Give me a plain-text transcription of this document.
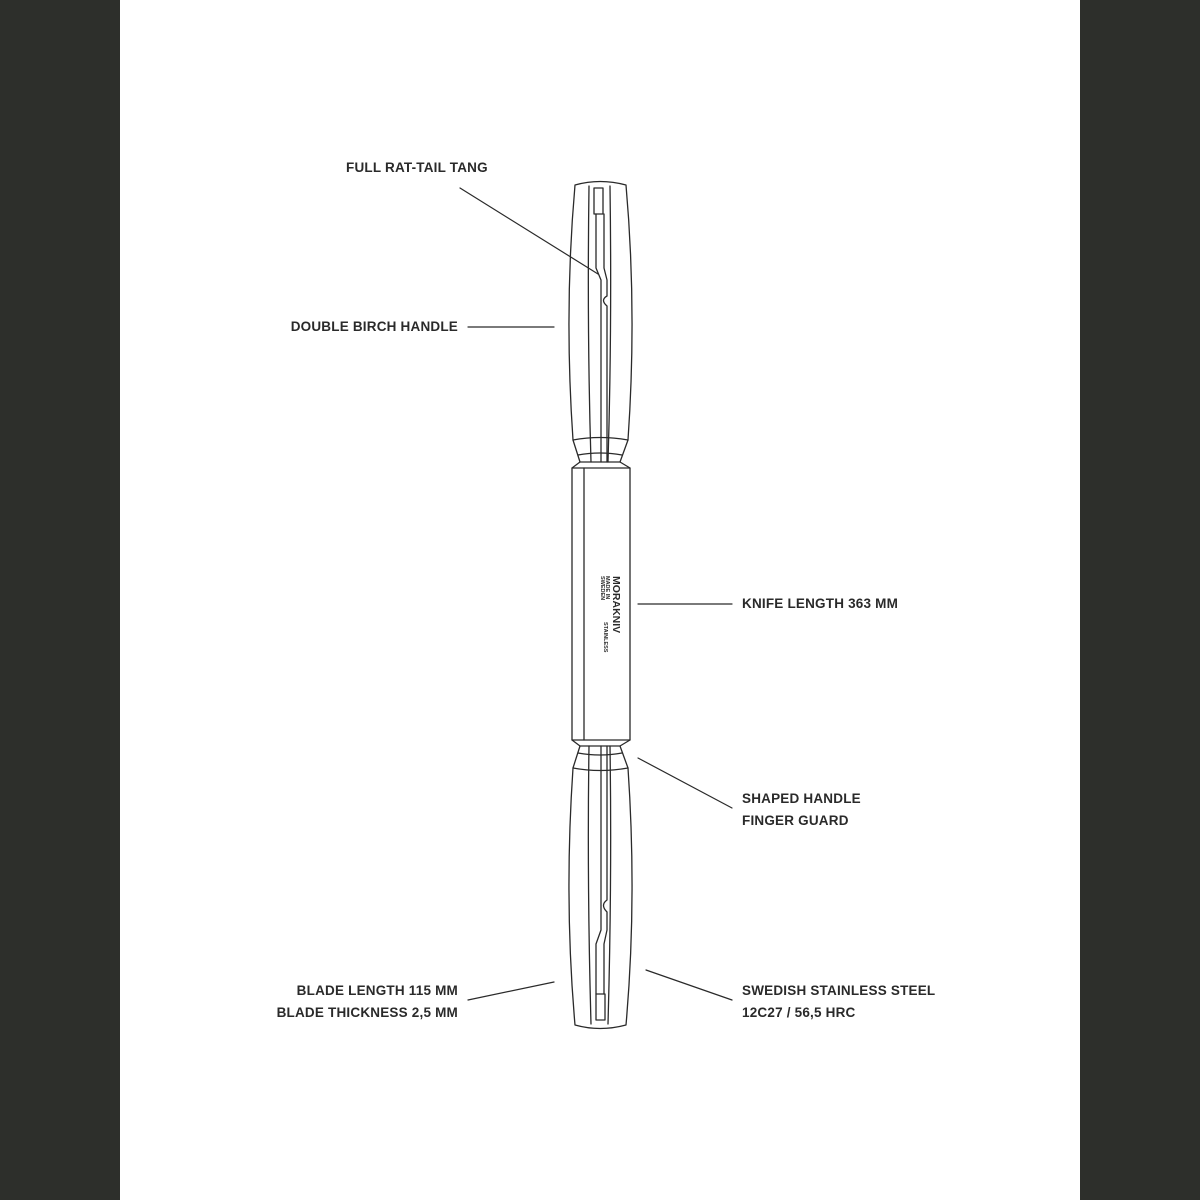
MORAKNIV
MADE IN
SWEDEN
STAINLESS

FULL RAT-TAIL TANG

DOUBLE BIRCH HANDLE

KNIFE LENGTH 363 MM

SHAPED HANDLE
FINGER GUARD

BLADE LENGTH 115 MM
BLADE THICKNESS 2,5 MM

SWEDISH STAINLESS STEEL
12C27 / 56,5 HRC
